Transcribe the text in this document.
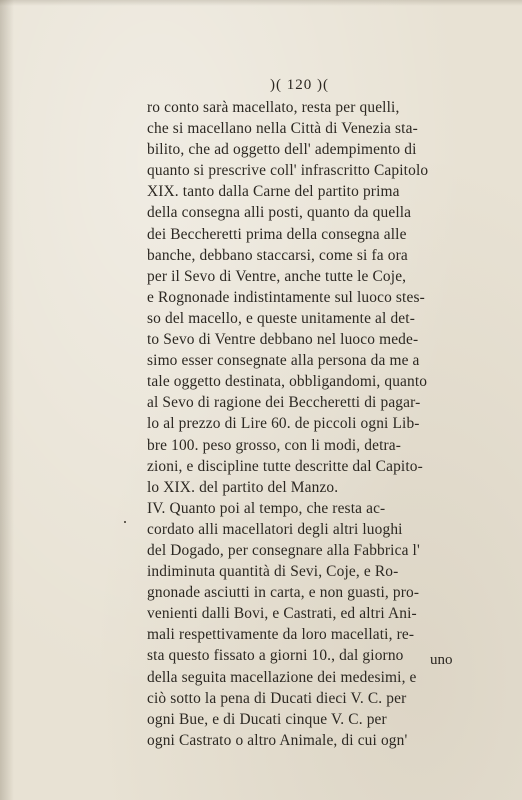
)( 120 )(
ro conto sarà macellato, resta per quelli,
che si macellano nella Città di Venezia sta-
bilito, che ad oggetto dell' adempimento di
quanto si prescrive coll' infrascritto Capitolo
XIX. tanto dalla Carne del partito prima
della consegna alli posti, quanto da quella
dei Beccheretti prima della consegna alle
banche, debbano staccarsi, come si fa ora
per il Sevo di Ventre, anche tutte le Coje,
e Rognonade indistintamente sul luoco stes-
so del macello, e queste unitamente al det-
to Sevo di Ventre debbano nel luoco mede-
simo esser consegnate alla persona da me a
tale oggetto destinata, obbligandomi, quanto
al Sevo di ragione dei Beccheretti di pagar-
lo al prezzo di Lire 60. de piccoli ogni Lib-
bre 100. peso grosso, con li modi, detra-
zioni, e discipline tutte descritte dal Capito-
lo XIX. del partito del Manzo.
IV. Quanto poi al tempo, che resta ac-
cordato alli macellatori degli altri luoghi
del Dogado, per consegnare alla Fabbrica l'
indiminuta quantità di Sevi, Coje, e Ro-
gnonade asciutti in carta, e non guasti, pro-
venienti dalli Bovi, e Castrati, ed altri Ani-
mali respettivamente da loro macellati, re-
sta questo fissato a giorni 10., dal giorno
della seguita macellazione dei medesimi, e
ciò sotto la pena di Ducati dieci V. C. per
ogni Bue, e di Ducati cinque V. C. per
ogni Castrato o altro Animale, di cui ogn'
uno
